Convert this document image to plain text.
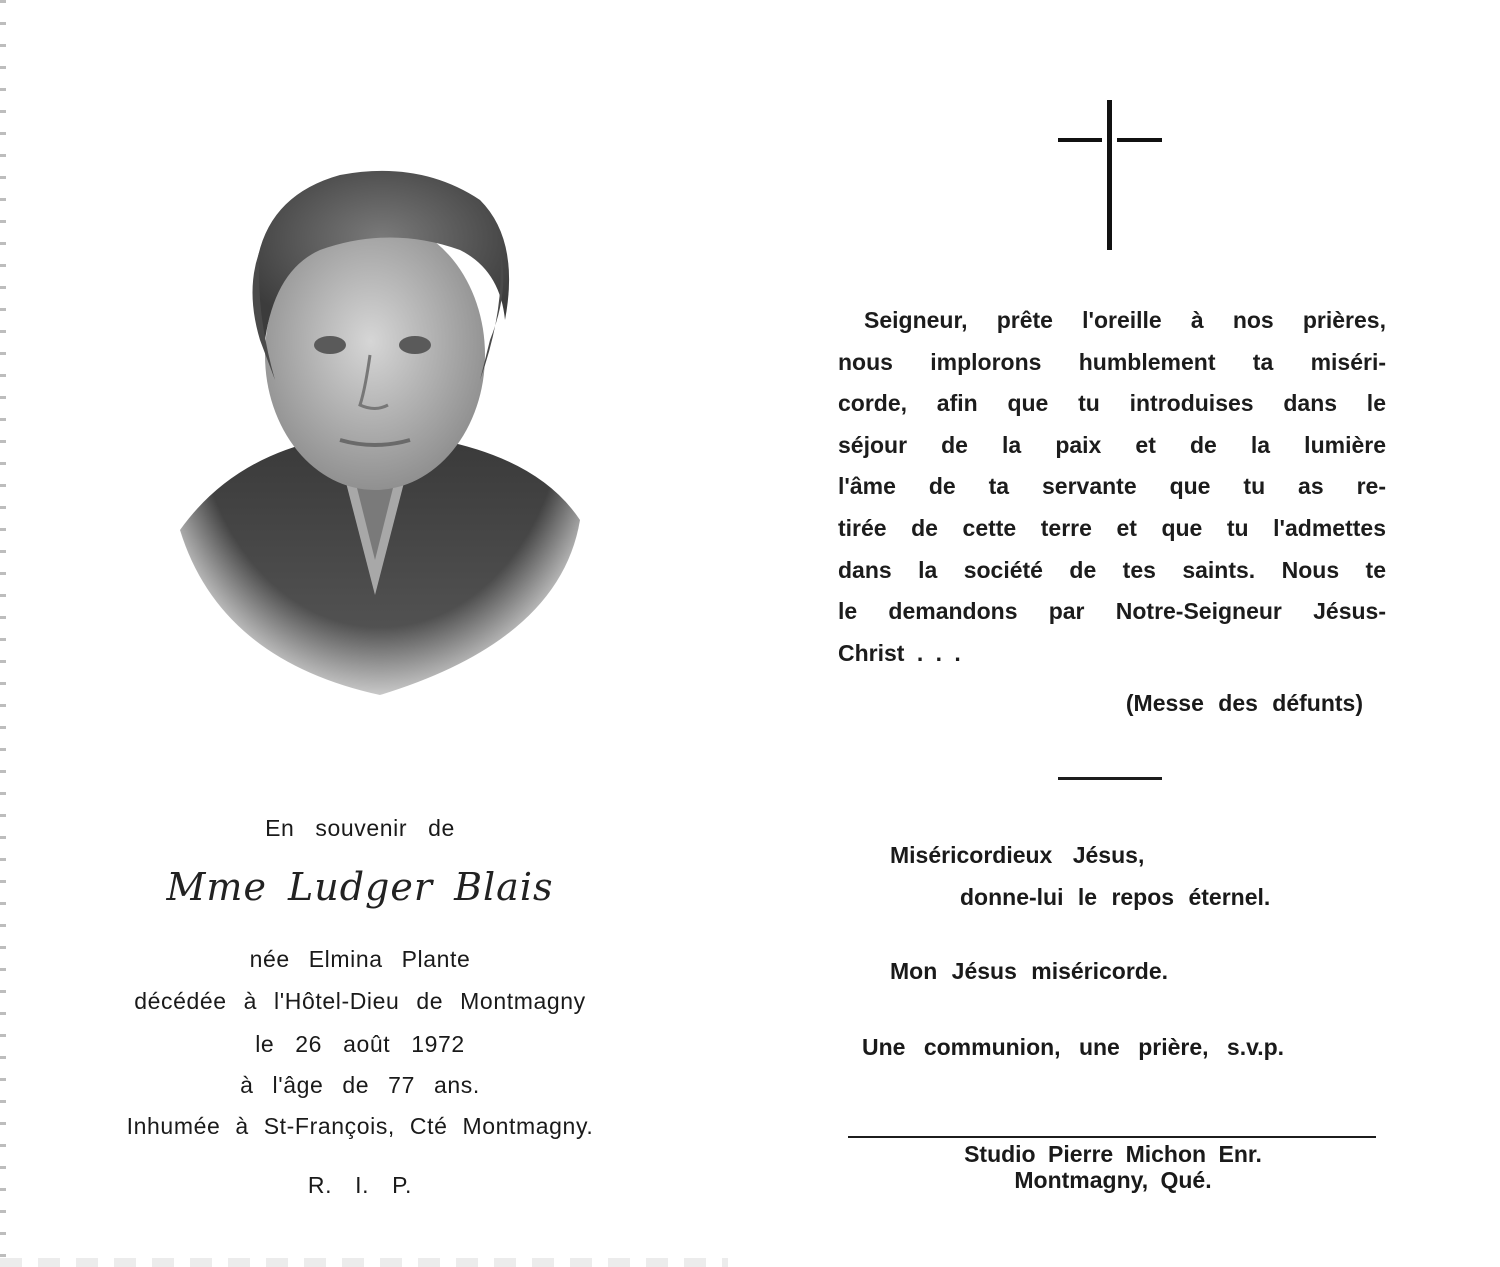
En souvenir de
Mme Ludger Blais
née Elmina Plante
décédée à l'Hôtel-Dieu de Montmagny
le 26 août 1972
à l'âge de 77 ans.
Inhumée à St-François, Cté Montmagny.
R. I. P.
Seigneur, prête l'oreille à nos prières,
nous implorons humblement ta miséri-
corde, afin que tu introduises dans le
séjour de la paix et de la lumière
l'âme de ta servante que tu as re-
tirée de cette terre et que tu l'admettes
dans la société de tes saints. Nous te
le demandons par Notre-Seigneur Jésus-
Christ . . .
(Messe des défunts)
Miséricordieux Jésus,
donne-lui le repos éternel.
Mon Jésus miséricorde.
Une communion, une prière, s.v.p.
Studio Pierre Michon Enr.
Montmagny, Qué.
